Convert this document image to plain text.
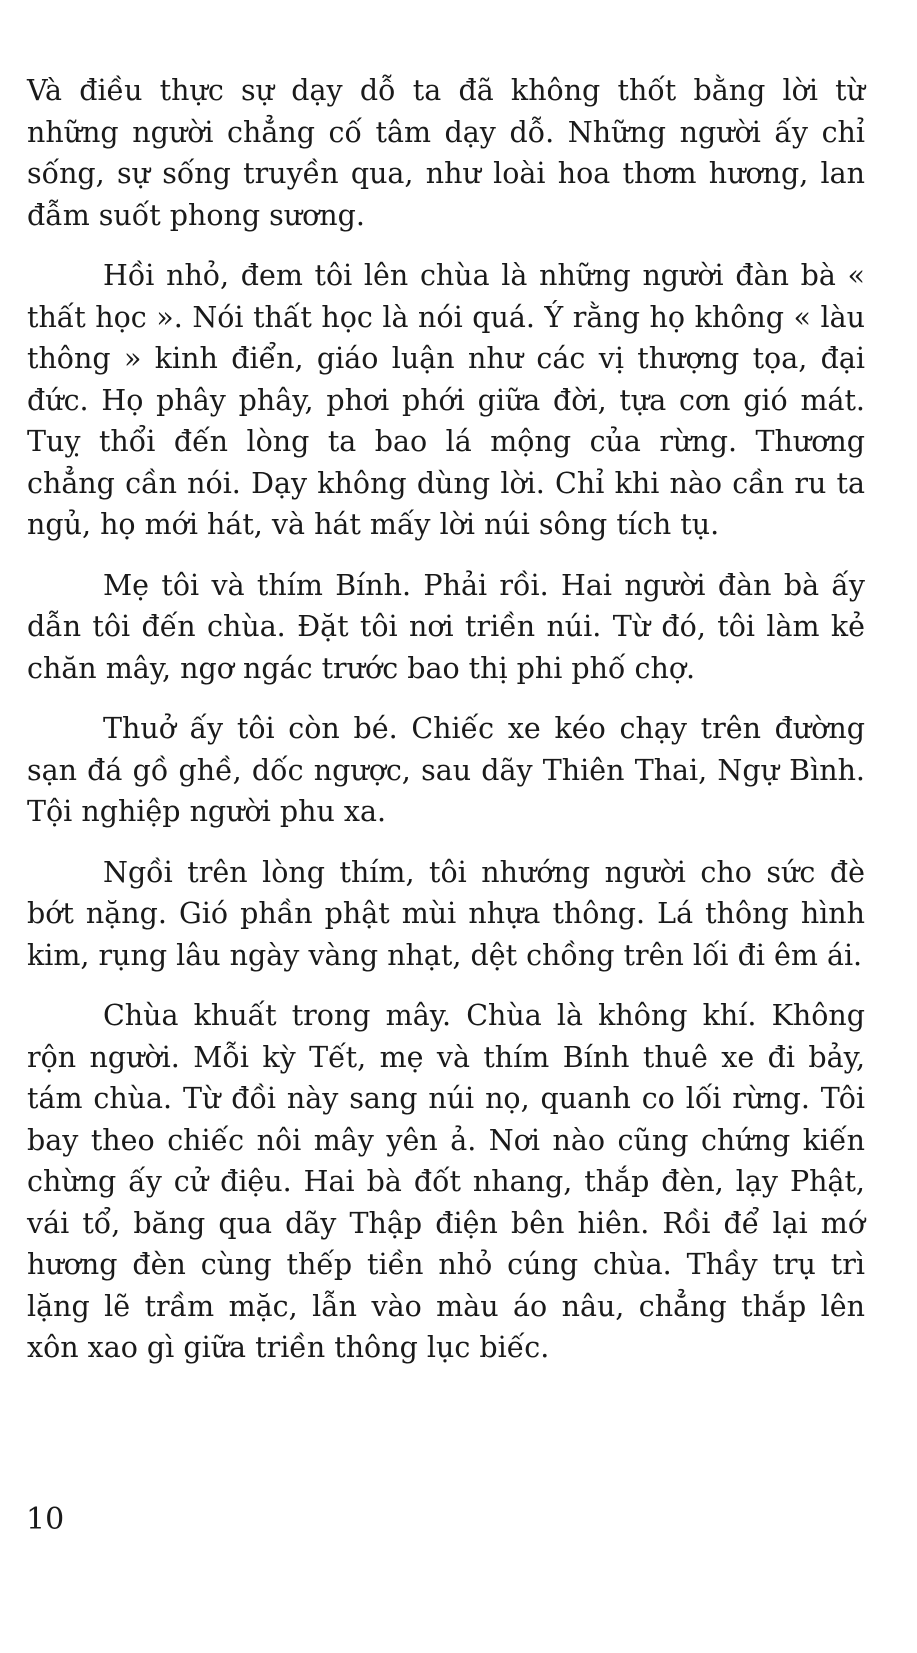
Và điều thực sự dạy dỗ ta đã không thốt bằng lời từ những người chẳng cố tâm dạy dỗ. Những người ấy chỉ sống, sự sống truyền qua, như loài hoa thơm hương, lan đẫm suốt phong sương.

Hồi nhỏ, đem tôi lên chùa là những người đàn bà « thất học ». Nói thất học là nói quá. Ý rằng họ không « làu thông » kinh điển, giáo luận như các vị thượng tọa, đại đức. Họ phây phây, phơi phới giữa đời, tựa cơn gió mát. Tuỵ thổi đến lòng ta bao lá mộng của rừng. Thương chẳng cần nói. Dạy không dùng lời. Chỉ khi nào cần ru ta ngủ, họ mới hát, và hát mấy lời núi sông tích tụ.

Mẹ tôi và thím Bính. Phải rồi. Hai người đàn bà ấy dẫn tôi đến chùa. Đặt tôi nơi triền núi. Từ đó, tôi làm kẻ chăn mây, ngơ ngác trước bao thị phi phố chợ.

Thuở ấy tôi còn bé. Chiếc xe kéo chạy trên đường sạn đá gồ ghề, dốc ngược, sau dãy Thiên Thai, Ngự Bình. Tội nghiệp người phu xa.

Ngồi trên lòng thím, tôi nhướng người cho sức đè bớt nặng. Gió phần phật mùi nhựa thông. Lá thông hình kim, rụng lâu ngày vàng nhạt, dệt chồng trên lối đi êm ái.

Chùa khuất trong mây. Chùa là không khí. Không rộn người. Mỗi kỳ Tết, mẹ và thím Bính thuê xe đi bảy, tám chùa. Từ đồi này sang núi nọ, quanh co lối rừng. Tôi bay theo chiếc nôi mây yên ả. Nơi nào cũng chứng kiến chừng ấy cử điệu. Hai bà đốt nhang, thắp đèn, lạy Phật, vái tổ, băng qua dãy Thập điện bên hiên. Rồi để lại mớ hương đèn cùng thếp tiền nhỏ cúng chùa. Thầy trụ trì lặng lẽ trầm mặc, lẫn vào màu áo nâu, chẳng thắp lên xôn xao gì giữa triền thông lục biếc.

10
